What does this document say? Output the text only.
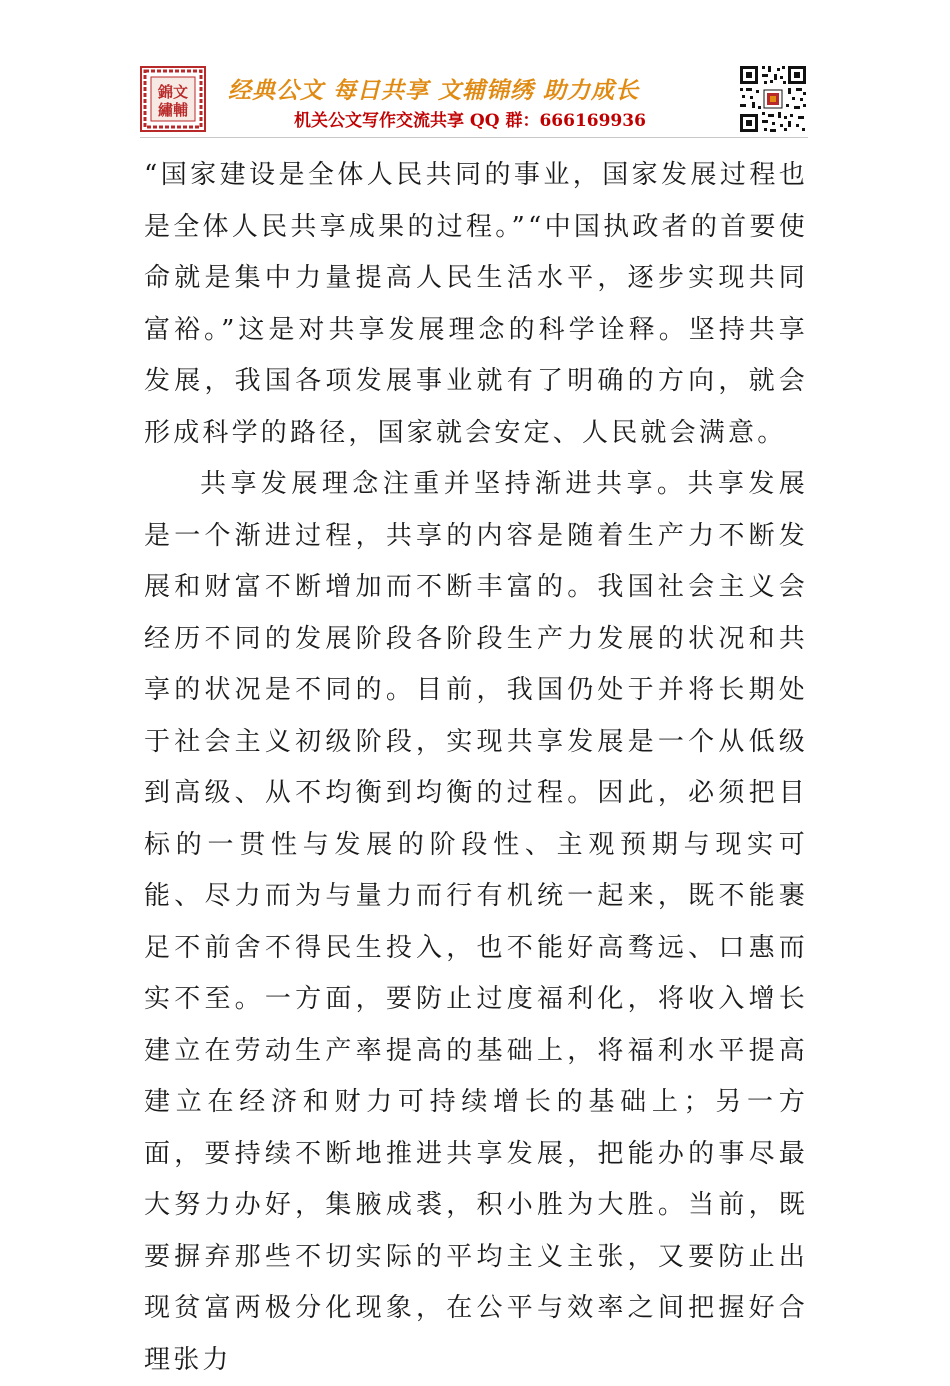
錦文
繡輔
经典公文 每日共享 文辅锦绣 助力成长
机关公文写作交流共享 QQ 群：666169936

“国家建设是全体人民共同的事业，国家发展过程也是全体人民共享成果的过程。”“中国执政者的首要使命就是集中力量提高人民生活水平，逐步实现共同富裕。”这是对共享发展理念的科学诠释。坚持共享发展，我国各项发展事业就有了明确的方向，就会形成科学的路径，国家就会安定、人民就会满意。

共享发展理念注重并坚持渐进共享。共享发展是一个渐进过程，共享的内容是随着生产力不断发展和财富不断增加而不断丰富的。我国社会主义会经历不同的发展阶段各阶段生产力发展的状况和共享的状况是不同的。目前，我国仍处于并将长期处于社会主义初级阶段，实现共享发展是一个从低级到高级、从不均衡到均衡的过程。因此，必须把目标的一贯性与发展的阶段性、主观预期与现实可能、尽力而为与量力而行有机统一起来，既不能裹足不前舍不得民生投入，也不能好高骛远、口惠而实不至。一方面，要防止过度福利化，将收入增长建立在劳动生产率提高的基础上，将福利水平提高建立在经济和财力可持续增长的基础上；另一方面，要持续不断地推进共享发展，把能办的事尽最大努力办好，集腋成裘，积小胜为大胜。当前，既要摒弃那些不切实际的平均主义主张，又要防止出现贫富两极分化现象，在公平与效率之间把握好合理张力
